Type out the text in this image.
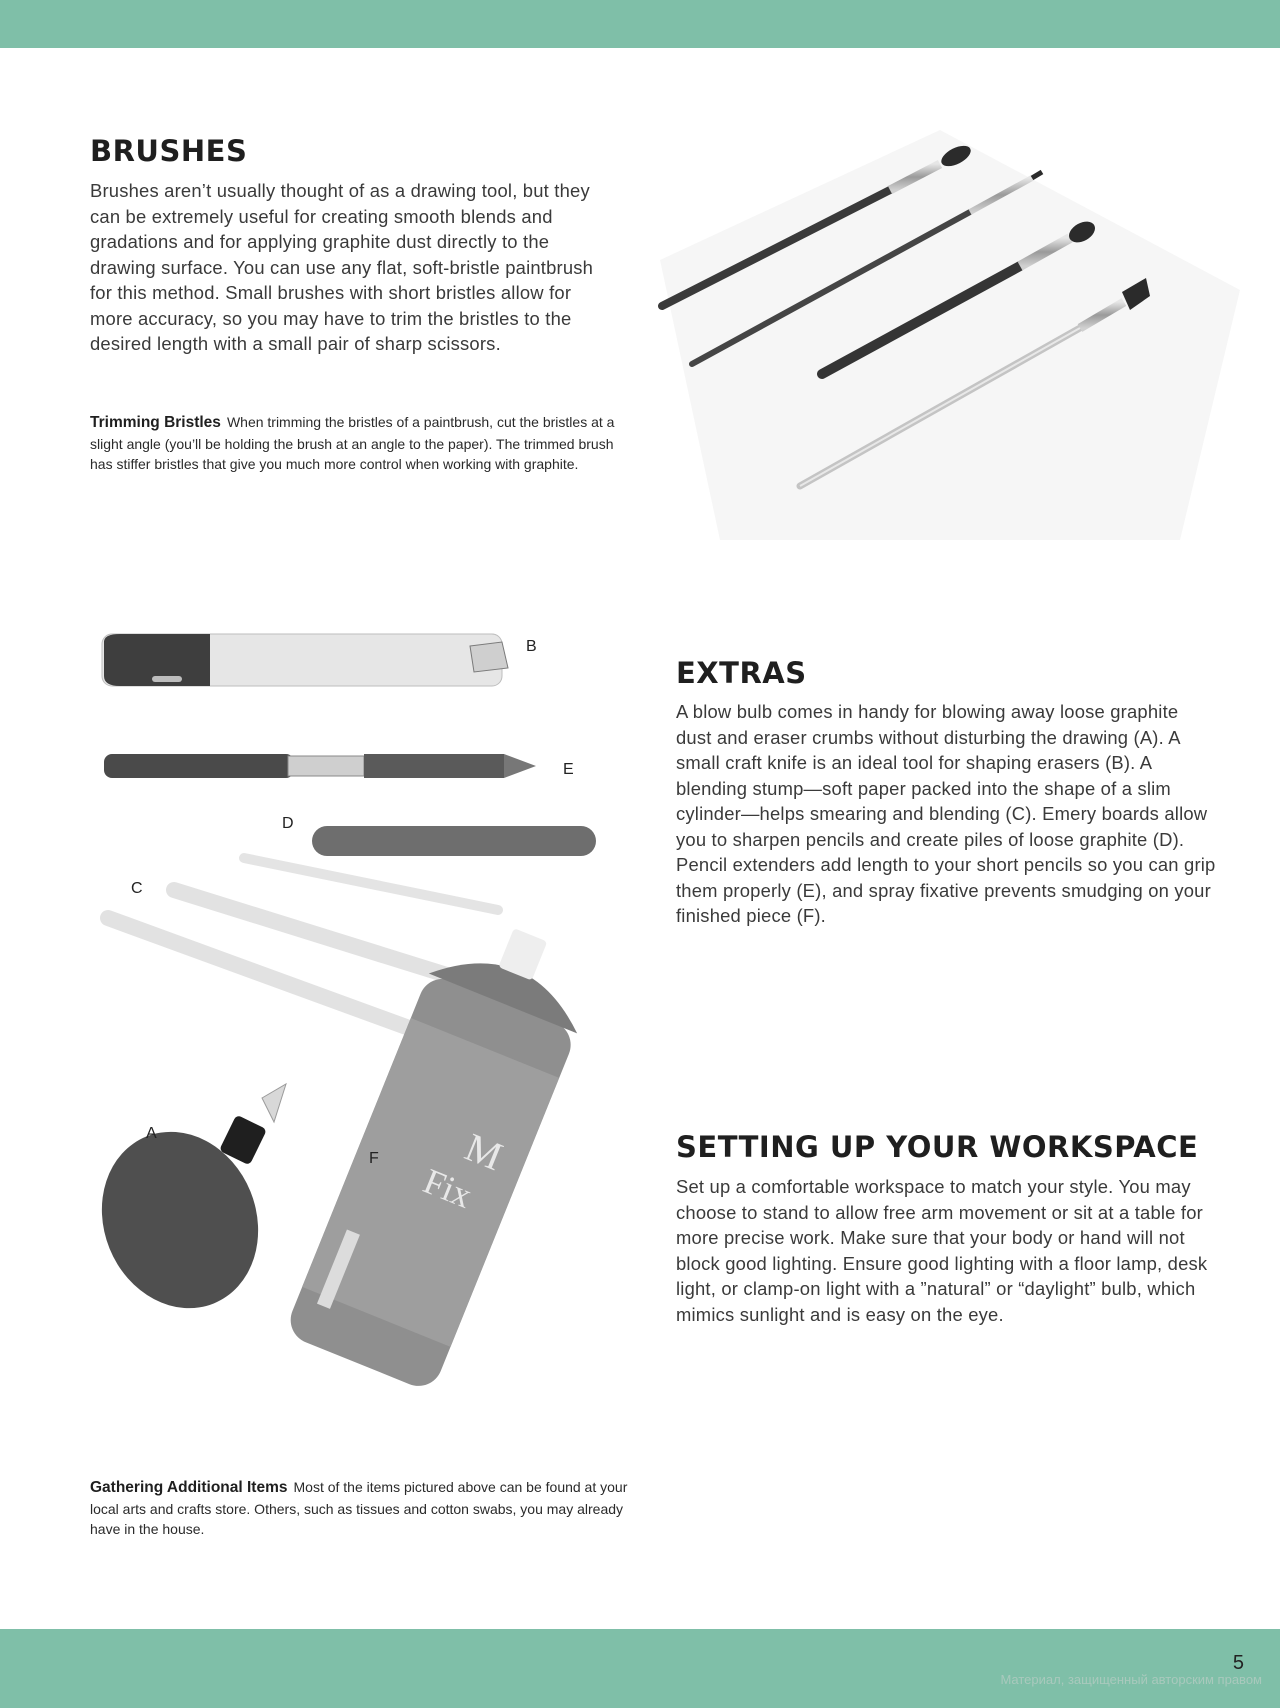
BRUSHES

Brushes aren’t usually thought of as a drawing tool, but they can be extremely useful for creating smooth blends and gradations and for applying graphite dust directly to the drawing surface. You can use any flat, soft-bristle paintbrush for this method. Small brushes with short bristles allow for more accuracy, so you may have to trim the bristles to the desired length with a small pair of sharp scissors.

Trimming Bristles When trimming the bristles of a paintbrush, cut the bristles at a slight angle (you’ll be holding the brush at an angle to the paper). The trimmed brush has stiffer bristles that give you much more control when working with graphite.

M
Fix
B
E
D
C
A
F
EXTRAS

A blow bulb comes in handy for blowing away loose graphite dust and eraser crumbs without disturbing the drawing (A). A small craft knife is an ideal tool for shaping erasers (B). A blending stump—soft paper packed into the shape of a slim cylinder—helps smearing and blending (C). Emery boards allow you to sharpen pencils and create piles of loose graphite (D). Pencil extenders add length to your short pencils so you can grip them properly (E), and spray fixative prevents smudging on your finished piece (F).

SETTING UP YOUR WORKSPACE

Set up a comfortable workspace to match your style. You may choose to stand to allow free arm movement or sit at a table for more precise work. Make sure that your body or hand will not block good lighting. Ensure good lighting with a floor lamp, desk light, or clamp-on light with a ”natural” or “daylight” bulb, which mimics sunlight and is easy on the eye.

Gathering Additional Items Most of the items pictured above can be found at your local arts and crafts store. Others, such as tissues and cotton swabs, you may already have in the house.

5
Материал, защищенный авторским правом
